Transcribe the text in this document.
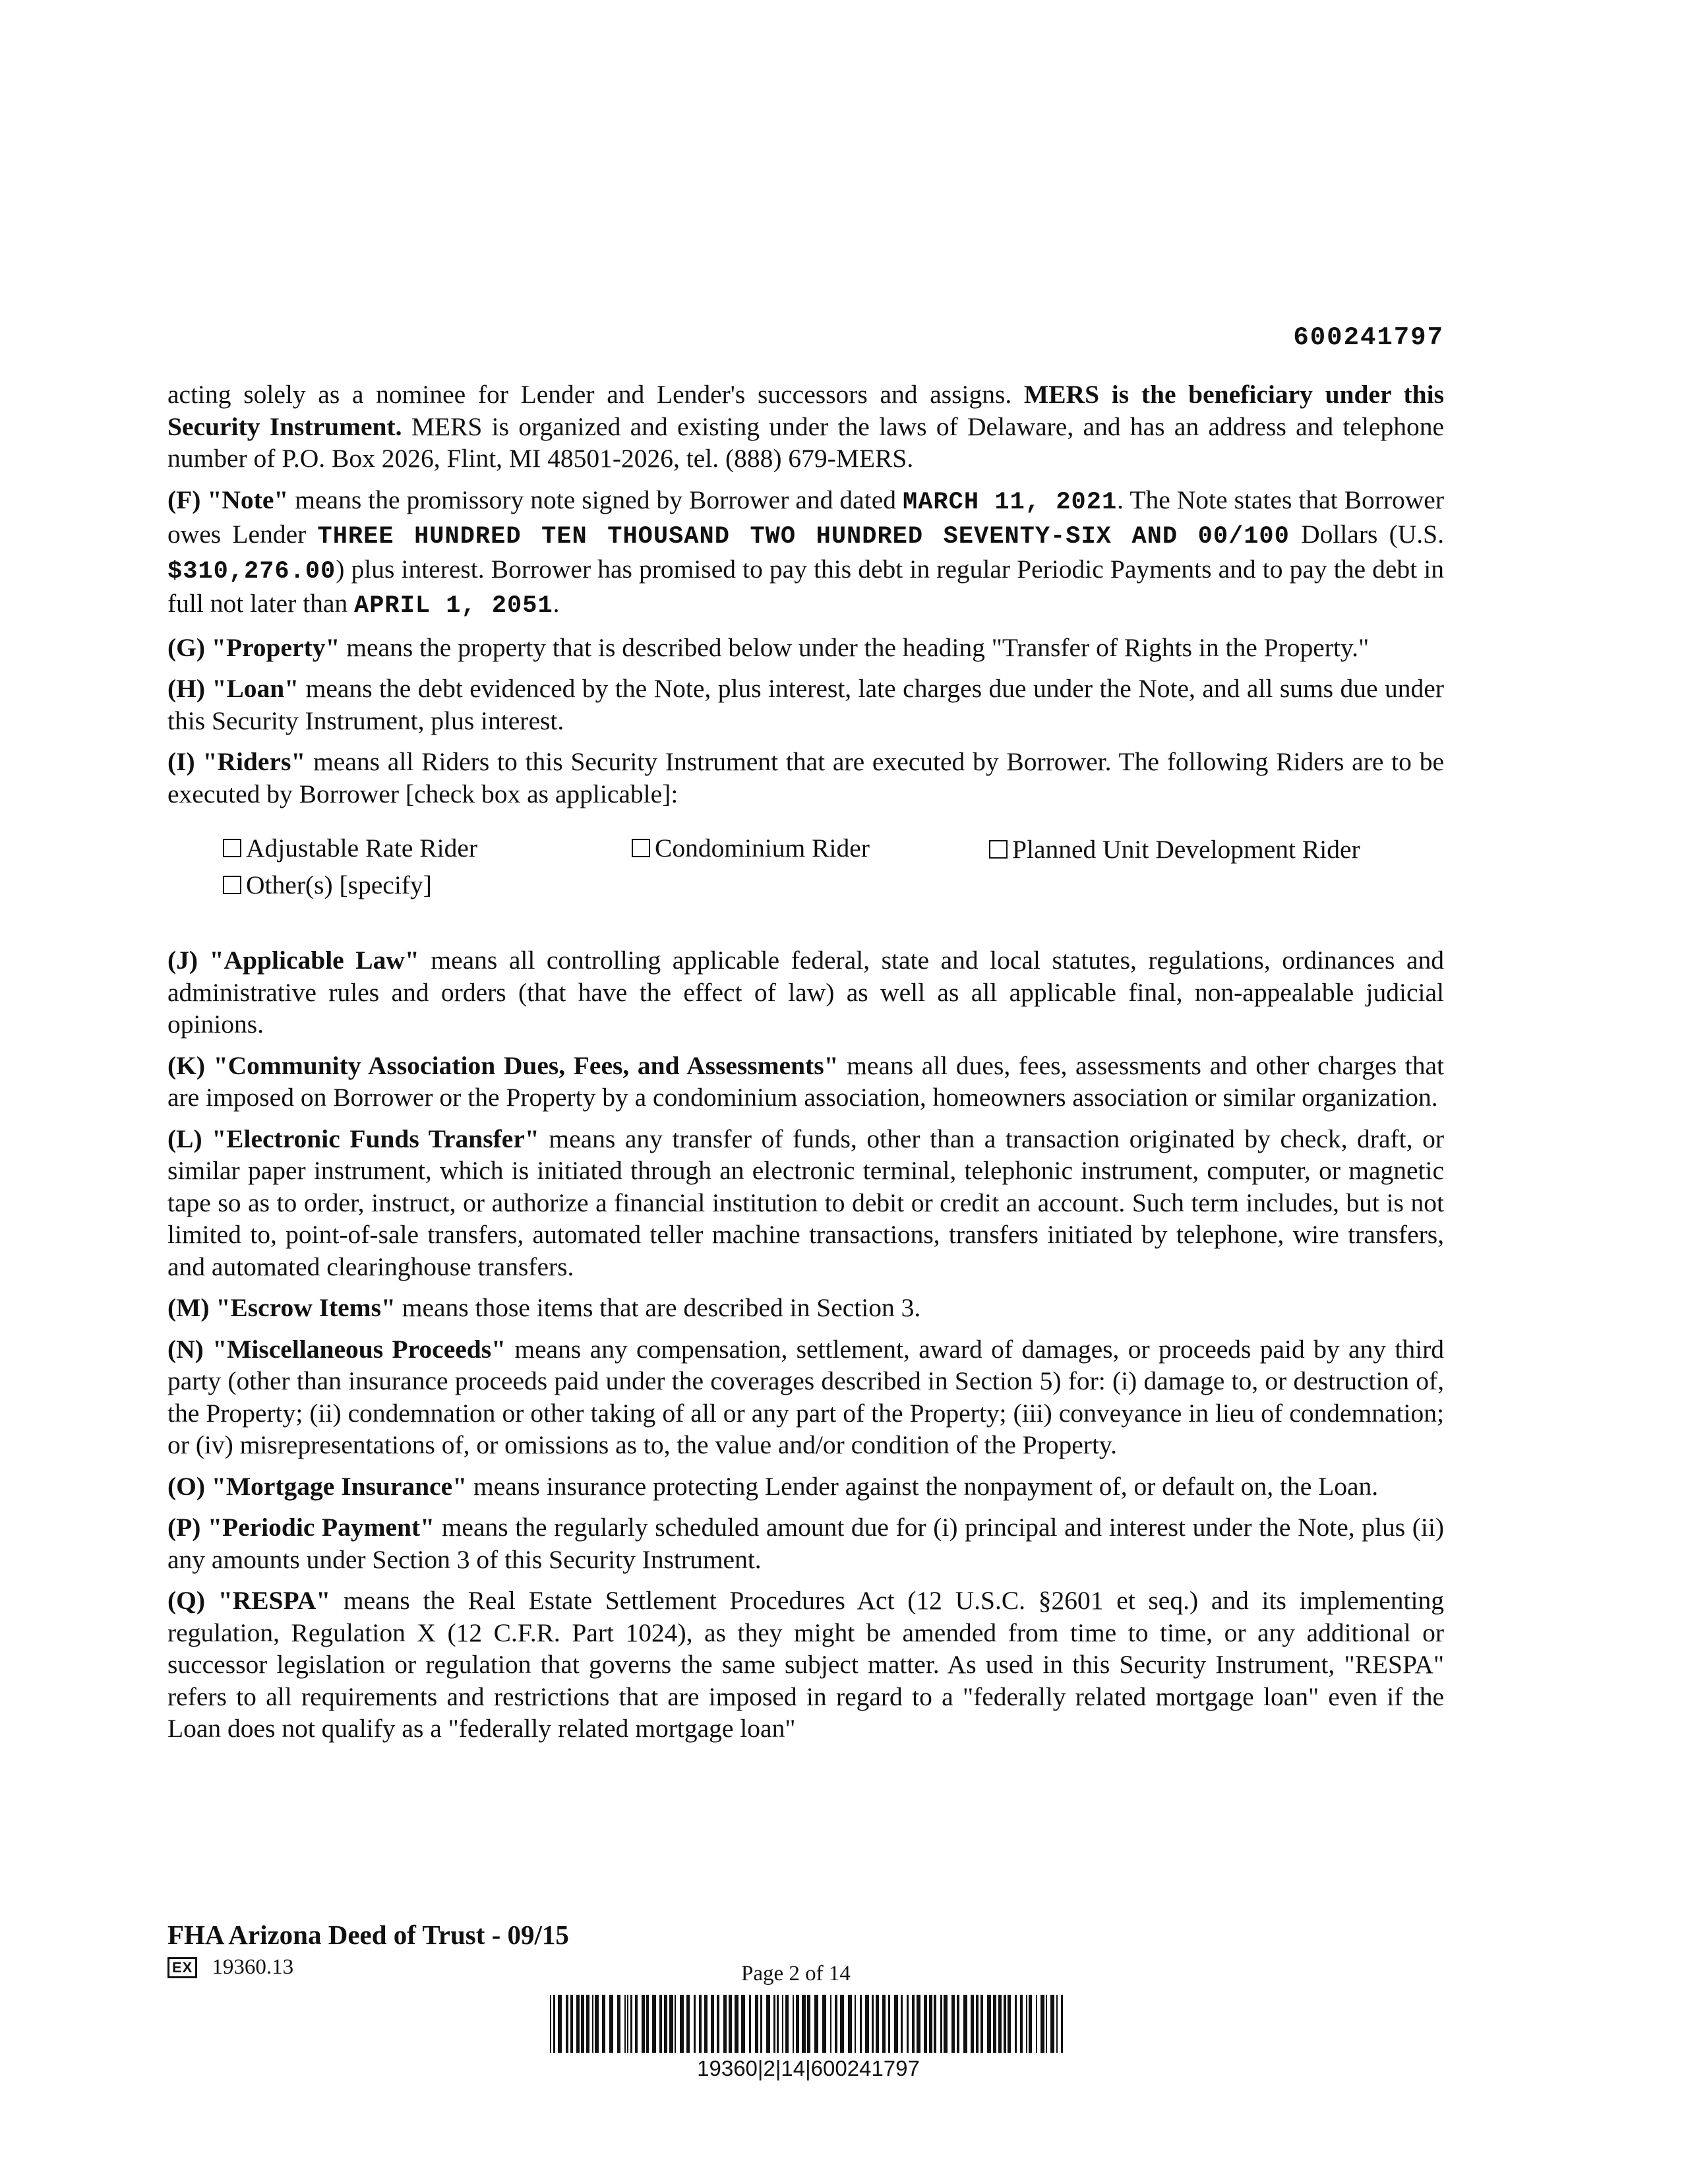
600241797

acting solely as a nominee for Lender and Lender's successors and assigns. MERS is the beneficiary under this Security Instrument. MERS is organized and existing under the laws of Delaware, and has an address and telephone number of P.O. Box 2026, Flint, MI 48501-2026, tel. (888) 679-MERS.

(F) "Note" means the promissory note signed by Borrower and dated MARCH 11, 2021. The Note states that Borrower owes Lender THREE HUNDRED TEN THOUSAND TWO HUNDRED SEVENTY-SIX AND 00/100 Dollars (U.S. $310,276.00) plus interest. Borrower has promised to pay this debt in regular Periodic Payments and to pay the debt in full not later than APRIL 1, 2051.

(G) "Property" means the property that is described below under the heading "Transfer of Rights in the Property."

(H) "Loan" means the debt evidenced by the Note, plus interest, late charges due under the Note, and all sums due under this Security Instrument, plus interest.

(I) "Riders" means all Riders to this Security Instrument that are executed by Borrower. The following Riders are to be executed by Borrower [check box as applicable]:

Adjustable Rate Rider	Condominium Rider	Planned Unit Development Rider
Other(s) [specify]

(J) "Applicable Law" means all controlling applicable federal, state and local statutes, regulations, ordinances and administrative rules and orders (that have the effect of law) as well as all applicable final, non-appealable judicial opinions.

(K) "Community Association Dues, Fees, and Assessments" means all dues, fees, assessments and other charges that are imposed on Borrower or the Property by a condominium association, homeowners association or similar organization.

(L) "Electronic Funds Transfer" means any transfer of funds, other than a transaction originated by check, draft, or similar paper instrument, which is initiated through an electronic terminal, telephonic instrument, computer, or magnetic tape so as to order, instruct, or authorize a financial institution to debit or credit an account. Such term includes, but is not limited to, point-of-sale transfers, automated teller machine transactions, transfers initiated by telephone, wire transfers, and automated clearinghouse transfers.

(M) "Escrow Items" means those items that are described in Section 3.

(N) "Miscellaneous Proceeds" means any compensation, settlement, award of damages, or proceeds paid by any third party (other than insurance proceeds paid under the coverages described in Section 5) for: (i) damage to, or destruction of, the Property; (ii) condemnation or other taking of all or any part of the Property; (iii) conveyance in lieu of condemnation; or (iv) misrepresentations of, or omissions as to, the value and/or condition of the Property.

(O) "Mortgage Insurance" means insurance protecting Lender against the nonpayment of, or default on, the Loan.

(P) "Periodic Payment" means the regularly scheduled amount due for (i) principal and interest under the Note, plus (ii) any amounts under Section 3 of this Security Instrument.

(Q) "RESPA" means the Real Estate Settlement Procedures Act (12 U.S.C. §2601 et seq.) and its implementing regulation, Regulation X (12 C.F.R. Part 1024), as they might be amended from time to time, or any additional or successor legislation or regulation that governs the same subject matter. As used in this Security Instrument, "RESPA" refers to all requirements and restrictions that are imposed in regard to a "federally related mortgage loan" even if the Loan does not qualify as a "federally related mortgage loan"

FHA Arizona Deed of Trust - 09/15
EX 19360.13	Page 2 of 14
19360|2|14|600241797
